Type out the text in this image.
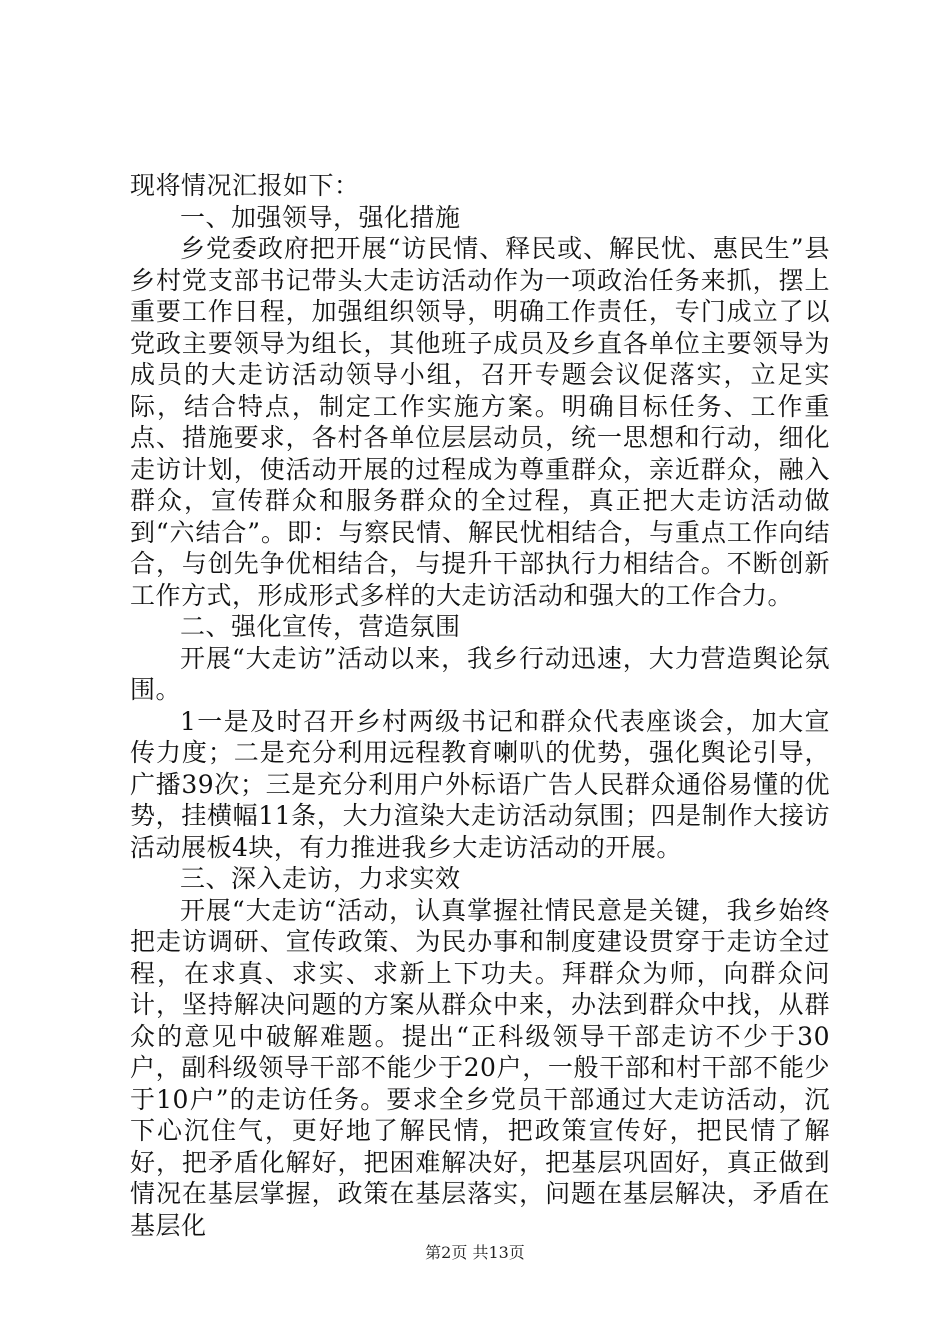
现将情况汇报如下：

一、加强领导，强化措施

乡党委政府把开展“访民情、释民或、解民忧、惠民生”县乡村党支部书记带头大走访活动作为一项政治任务来抓，摆上重要工作日程，加强组织领导，明确工作责任，专门成立了以党政主要领导为组长，其他班子成员及乡直各单位主要领导为成员的大走访活动领导小组，召开专题会议促落实，立足实际，结合特点，制定工作实施方案。明确目标任务、工作重点、措施要求，各村各单位层层动员，统一思想和行动，细化走访计划，使活动开展的过程成为尊重群众，亲近群众，融入群众，宣传群众和服务群众的全过程，真正把大走访活动做到“六结合”。即：与察民情、解民忧相结合，与重点工作向结合，与创先争优相结合，与提升干部执行力相结合。不断创新工作方式，形成形式多样的大走访活动和强大的工作合力。

二、强化宣传，营造氛围

开展“大走访”活动以来，我乡行动迅速，大力营造舆论氛围。

1一是及时召开乡村两级书记和群众代表座谈会，加大宣传力度；二是充分利用远程教育喇叭的优势，强化舆论引导，广播39次；三是充分利用户外标语广告人民群众通俗易懂的优势，挂横幅11条，大力渲染大走访活动氛围；四是制作大接访活动展板4块，有力推进我乡大走访活动的开展。

三、深入走访，力求实效

开展“大走访“活动，认真掌握社情民意是关键，我乡始终把走访调研、宣传政策、为民办事和制度建设贯穿于走访全过程，在求真、求实、求新上下功夫。拜群众为师，向群众问计，坚持解决问题的方案从群众中来，办法到群众中找，从群众的意见中破解难题。提出“正科级领导干部走访不少于30户，副科级领导干部不能少于20户，一般干部和村干部不能少于10户”的走访任务。要求全乡党员干部通过大走访活动，沉下心沉住气，更好地了解民情，把政策宣传好，把民情了解好，把矛盾化解好，把困难解决好，把基层巩固好，真正做到情况在基层掌握，政策在基层落实，问题在基层解决，矛盾在基层化

第2页 共13页
